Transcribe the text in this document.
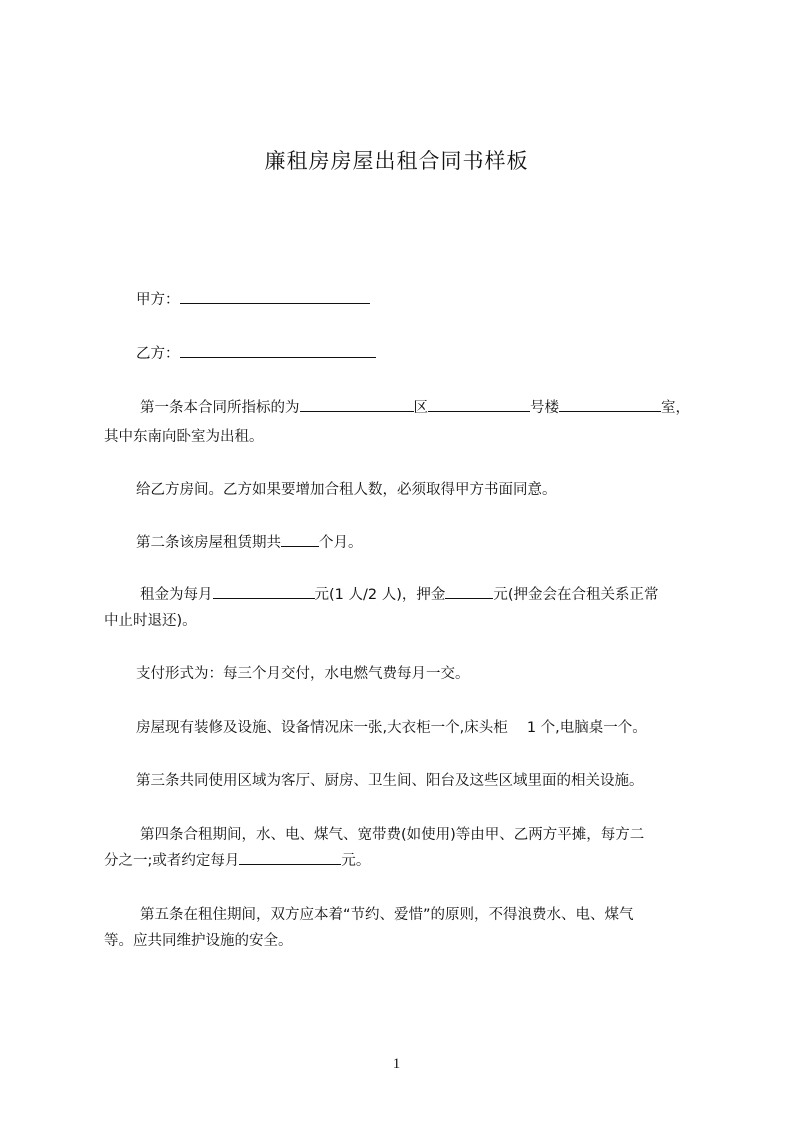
廉租房房屋出租合同书样板
甲方：
乙方：
第一条本合同所指标的为	区	号楼	室，
其中东南向卧室为出租。
给乙方房间。乙方如果要增加合租人数，必须取得甲方书面同意。
第二条该房屋租赁期共	个月。
租金为每月	元(1 人/2 人)，押金	元(押金会在合租关系正常
中止时退还)。
支付形式为：每三个月交付，水电燃气费每月一交。
房屋现有装修及设施、设备情况床一张,大衣柜一个,床头柜　 1 个,电脑桌一个。
第三条共同使用区域为客厅、厨房、卫生间、阳台及这些区域里面的相关设施。
第四条合租期间，水、电、煤气、宽带费(如使用)等由甲、乙两方平摊，每方二
分之一;或者约定每月	元。
第五条在租住期间，双方应本着“节约、爱惜”的原则，不得浪费水、电、煤气
等。应共同维护设施的安全。
1
